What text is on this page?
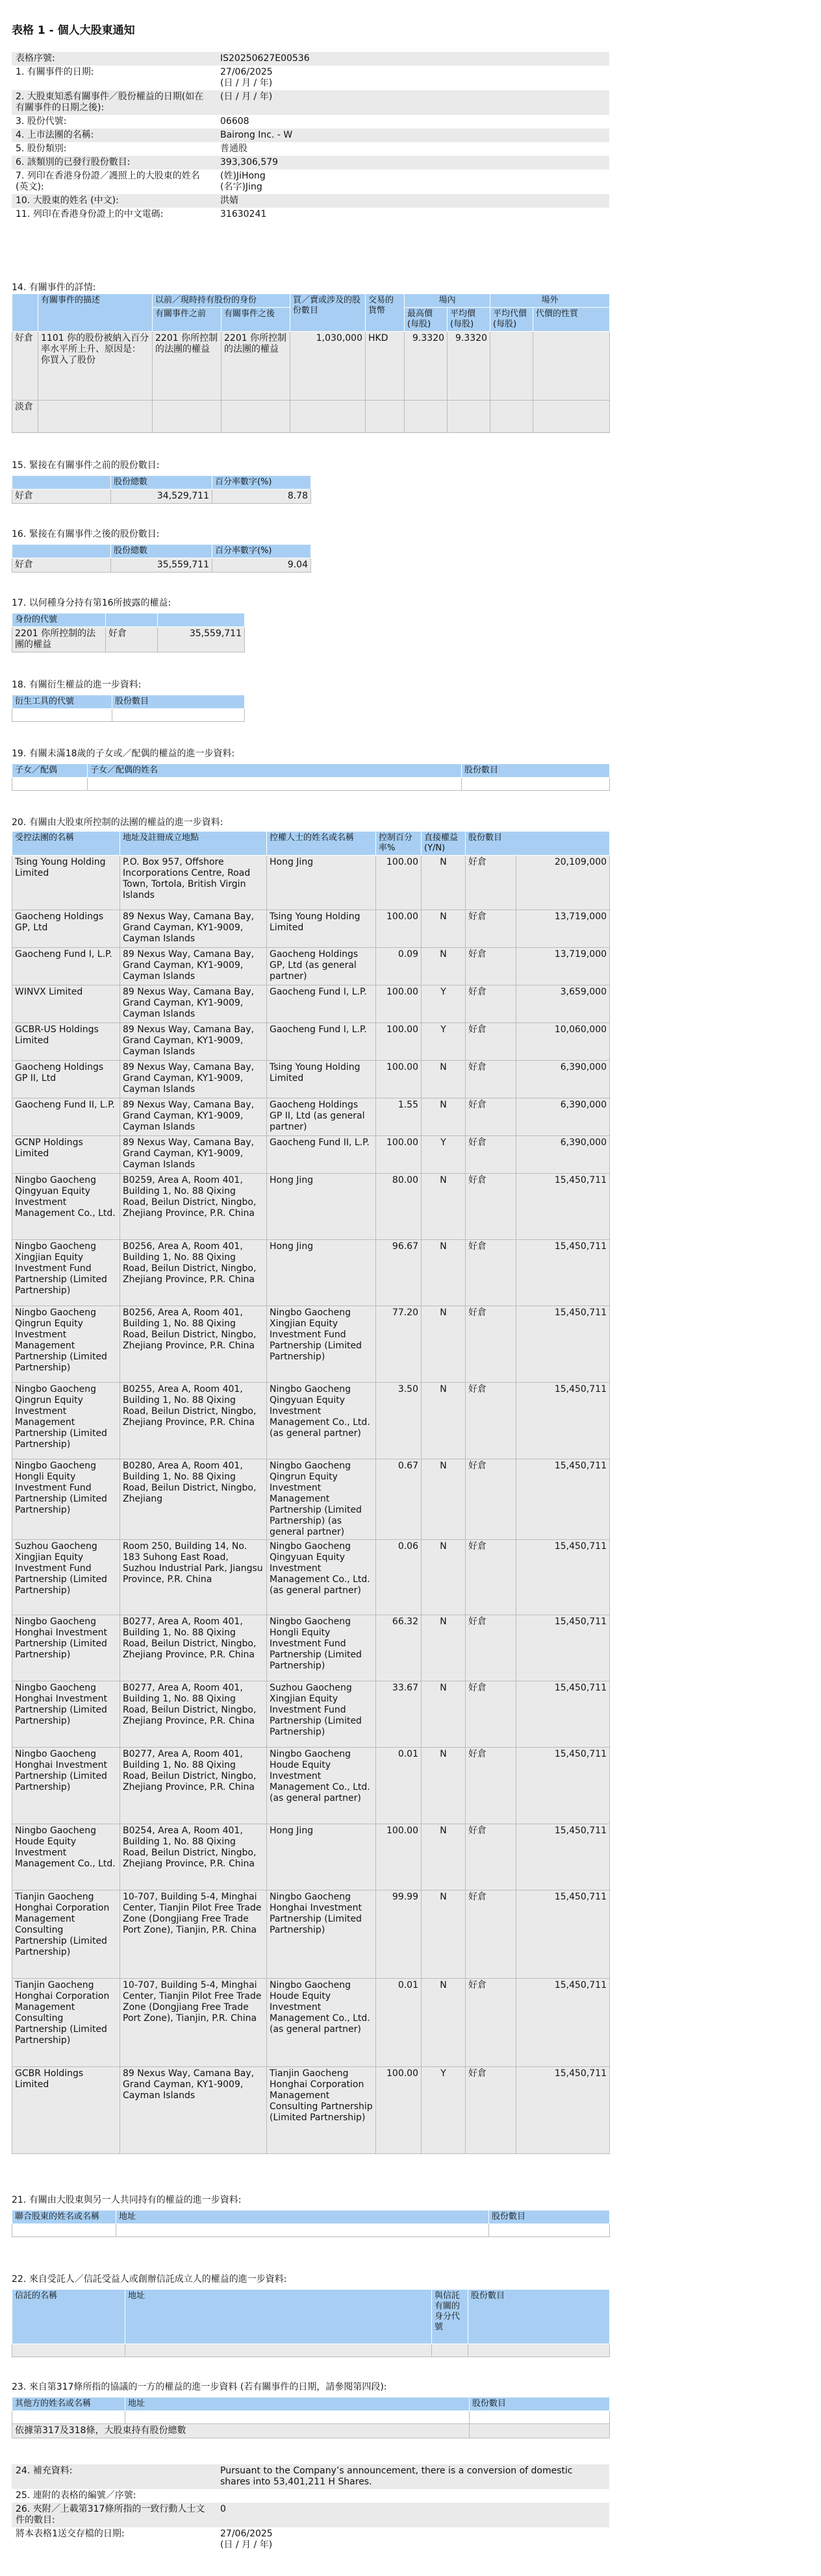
表格 1 - 個人大股東通知
表格序號:	IS20250627E00536
1. 有關事件的日期:	27/06/2025
(日 / 月 / 年)

2. 大股東知悉有關事件／股份權益的日期(如在有關事件的日期之後):	(日 / 月 / 年)
3. 股份代號:	06608
4. 上市法團的名稱:	Bairong Inc. - W
5. 股份類別:	普通股
6. 該類別的已發行股份數目:	393,306,579
7. 列印在香港身份證／護照上的大股東的姓名(英文):	(姓)JiHong
(名字)Jing

10. 大股東的姓名 (中文):	洪婧
11. 列印在香港身份證上的中文電碼:	31630241
14. 有關事件的詳情:
	有關事件的描述	以前／現時持有股份的身份		買／賣或涉及的股份數目	交易的貨幣	場內		場外	
		有關事件之前	有關事件之後			最高價(每股)	平均價(每股)	平均代價(每股)	代價的性質

好倉	1101 你的股份被納入百分率水平所上升、原因是：你買入了股份	2201 你所控制的法團的權益	2201 你所控制的法團的權益	1,030,000	HKD	9.3320	9.3320		
淡倉									
15. 緊接在有關事件之前的股份數目:
	股份總數	百分率數字(%)
好倉	34,529,711	8.78
16. 緊接在有關事件之後的股份數目:
	股份總數	百分率數字(%)
好倉	35,559,711	9.04
17. 以何種身分持有第16所披露的權益:
身份的代號		
2201 你所控制的法團的權益	好倉	35,559,711
18. 有關衍生權益的進一步資料:
衍生工具的代號	股份數目

19. 有關未滿18歲的子女或／配偶的權益的進一步資料:
子女／配偶	子女／配偶的姓名	股份數目

20. 有關由大股東所控制的法團的權益的進一步資料:
受控法團的名稱	地址及註冊成立地點	控權人士的姓名或名稱	控制百分率%	直接權益(Y/N)	股份數目	
Tsing Young Holding Limited	P.O. Box 957, Offshore Incorporations Centre, Road Town, Tortola, British Virgin Islands	Hong Jing	100.00	N	好倉	20,109,000
Gaocheng Holdings GP, Ltd	89 Nexus Way, Camana Bay, Grand Cayman, KY1-9009, Cayman Islands	Tsing Young Holding Limited	100.00	N	好倉	13,719,000
Gaocheng Fund I, L.P.	89 Nexus Way, Camana Bay, Grand Cayman, KY1-9009, Cayman Islands	Gaocheng Holdings GP, Ltd (as general partner)	0.09	N	好倉	13,719,000
WINVX Limited	89 Nexus Way, Camana Bay, Grand Cayman, KY1-9009, Cayman Islands	Gaocheng Fund I, L.P.	100.00	Y	好倉	3,659,000
GCBR-US Holdings Limited	89 Nexus Way, Camana Bay, Grand Cayman, KY1-9009, Cayman Islands	Gaocheng Fund I, L.P.	100.00	Y	好倉	10,060,000
Gaocheng Holdings GP II, Ltd	89 Nexus Way, Camana Bay, Grand Cayman, KY1-9009, Cayman Islands	Tsing Young Holding Limited	100.00	N	好倉	6,390,000
Gaocheng Fund II, L.P.	89 Nexus Way, Camana Bay, Grand Cayman, KY1-9009, Cayman Islands	Gaocheng Holdings GP II, Ltd (as general partner)	1.55	N	好倉	6,390,000
GCNP Holdings Limited	89 Nexus Way, Camana Bay, Grand Cayman, KY1-9009, Cayman Islands	Gaocheng Fund II, L.P.	100.00	Y	好倉	6,390,000
Ningbo Gaocheng Qingyuan Equity Investment Management Co., Ltd.	B0259, Area A, Room 401, Building 1, No. 88 Qixing Road, Beilun District, Ningbo, Zhejiang Province, P.R. China	Hong Jing	80.00	N	好倉	15,450,711
Ningbo Gaocheng Xingjian Equity Investment Fund Partnership (Limited Partnership)	B0256, Area A, Room 401, Building 1, No. 88 Qixing Road, Beilun District, Ningbo, Zhejiang Province, P.R. China	Hong Jing	96.67	N	好倉	15,450,711
Ningbo Gaocheng Qingrun Equity Investment Management Partnership (Limited Partnership)	B0256, Area A, Room 401, Building 1, No. 88 Qixing Road, Beilun District, Ningbo, Zhejiang Province, P.R. China	Ningbo Gaocheng Xingjian Equity Investment Fund Partnership (Limited Partnership)	77.20	N	好倉	15,450,711
Ningbo Gaocheng Qingrun Equity Investment Management Partnership (Limited Partnership)	B0255, Area A, Room 401, Building 1, No. 88 Qixing Road, Beilun District, Ningbo, Zhejiang Province, P.R. China	Ningbo Gaocheng Qingyuan Equity Investment Management Co., Ltd. (as general partner)	3.50	N	好倉	15,450,711
Ningbo Gaocheng Hongli Equity Investment Fund Partnership (Limited Partnership)	B0280, Area A, Room 401, Building 1, No. 88 Qixing Road, Beilun District, Ningbo, Zhejiang	Ningbo Gaocheng Qingrun Equity Investment Management Partnership (Limited Partnership) (as general partner)	0.67	N	好倉	15,450,711
Suzhou Gaocheng Xingjian Equity Investment Fund Partnership (Limited Partnership)	Room 250, Building 14, No. 183 Suhong East Road, Suzhou Industrial Park, Jiangsu Province, P.R. China	Ningbo Gaocheng Qingyuan Equity Investment Management Co., Ltd. (as general partner)	0.06	N	好倉	15,450,711
Ningbo Gaocheng Honghai Investment Partnership (Limited Partnership)	B0277, Area A, Room 401, Building 1, No. 88 Qixing Road, Beilun District, Ningbo, Zhejiang Province, P.R. China	Ningbo Gaocheng Hongli Equity Investment Fund Partnership (Limited Partnership)	66.32	N	好倉	15,450,711
Ningbo Gaocheng Honghai Investment Partnership (Limited Partnership)	B0277, Area A, Room 401, Building 1, No. 88 Qixing Road, Beilun District, Ningbo, Zhejiang Province, P.R. China	Suzhou Gaocheng Xingjian Equity Investment Fund Partnership (Limited Partnership)	33.67	N	好倉	15,450,711
Ningbo Gaocheng Honghai Investment Partnership (Limited Partnership)	B0277, Area A, Room 401, Building 1, No. 88 Qixing Road, Beilun District, Ningbo, Zhejiang Province, P.R. China	Ningbo Gaocheng Houde Equity Investment Management Co., Ltd. (as general partner)	0.01	N	好倉	15,450,711
Ningbo Gaocheng Houde Equity Investment Management Co., Ltd.	B0254, Area A, Room 401, Building 1, No. 88 Qixing Road, Beilun District, Ningbo, Zhejiang Province, P.R. China	Hong Jing	100.00	N	好倉	15,450,711
Tianjin Gaocheng Honghai Corporation Management Consulting Partnership (Limited Partnership)	10-707, Building 5-4, Minghai Center, Tianjin Pilot Free Trade Zone (Dongjiang Free Trade Port Zone), Tianjin, P.R. China	Ningbo Gaocheng Honghai Investment Partnership (Limited Partnership)	99.99	N	好倉	15,450,711
Tianjin Gaocheng Honghai Corporation Management Consulting Partnership (Limited Partnership)	10-707, Building 5-4, Minghai Center, Tianjin Pilot Free Trade Zone (Dongjiang Free Trade Port Zone), Tianjin, P.R. China	Ningbo Gaocheng Houde Equity Investment Management Co., Ltd. (as general partner)	0.01	N	好倉	15,450,711
GCBR Holdings Limited	89 Nexus Way, Camana Bay, Grand Cayman, KY1-9009, Cayman Islands	Tianjin Gaocheng Honghai Corporation Management Consulting Partnership (Limited Partnership)	100.00	Y	好倉	15,450,711
21. 有關由大股東與另一人共同持有的權益的進一步資料:
聯合股東的姓名或名稱	地址	股份數目

22. 來自受託人／信託受益人或創辦信託成立人的權益的進一步資料:
信託的名稱	地址	與信託有關的身分代號	股份數目

23. 來自第317條所指的協議的一方的權益的進一步資料 (若有關事件的日期，請參閱第四段):
其他方的姓名或名稱	地址	股份數目

依據第317及318條，大股東持有股份總數		
24. 補充資料:	Pursuant to the Company’s announcement, there is a conversion of domestic shares into 53,401,211 H Shares.
25. 連附的表格的編號／序號:	
26. 夾附／上載第317條所指的一致行動人士文件的數目:	0
將本表格1送交存檔的日期:	27/06/2025
(日 / 月 / 年)
